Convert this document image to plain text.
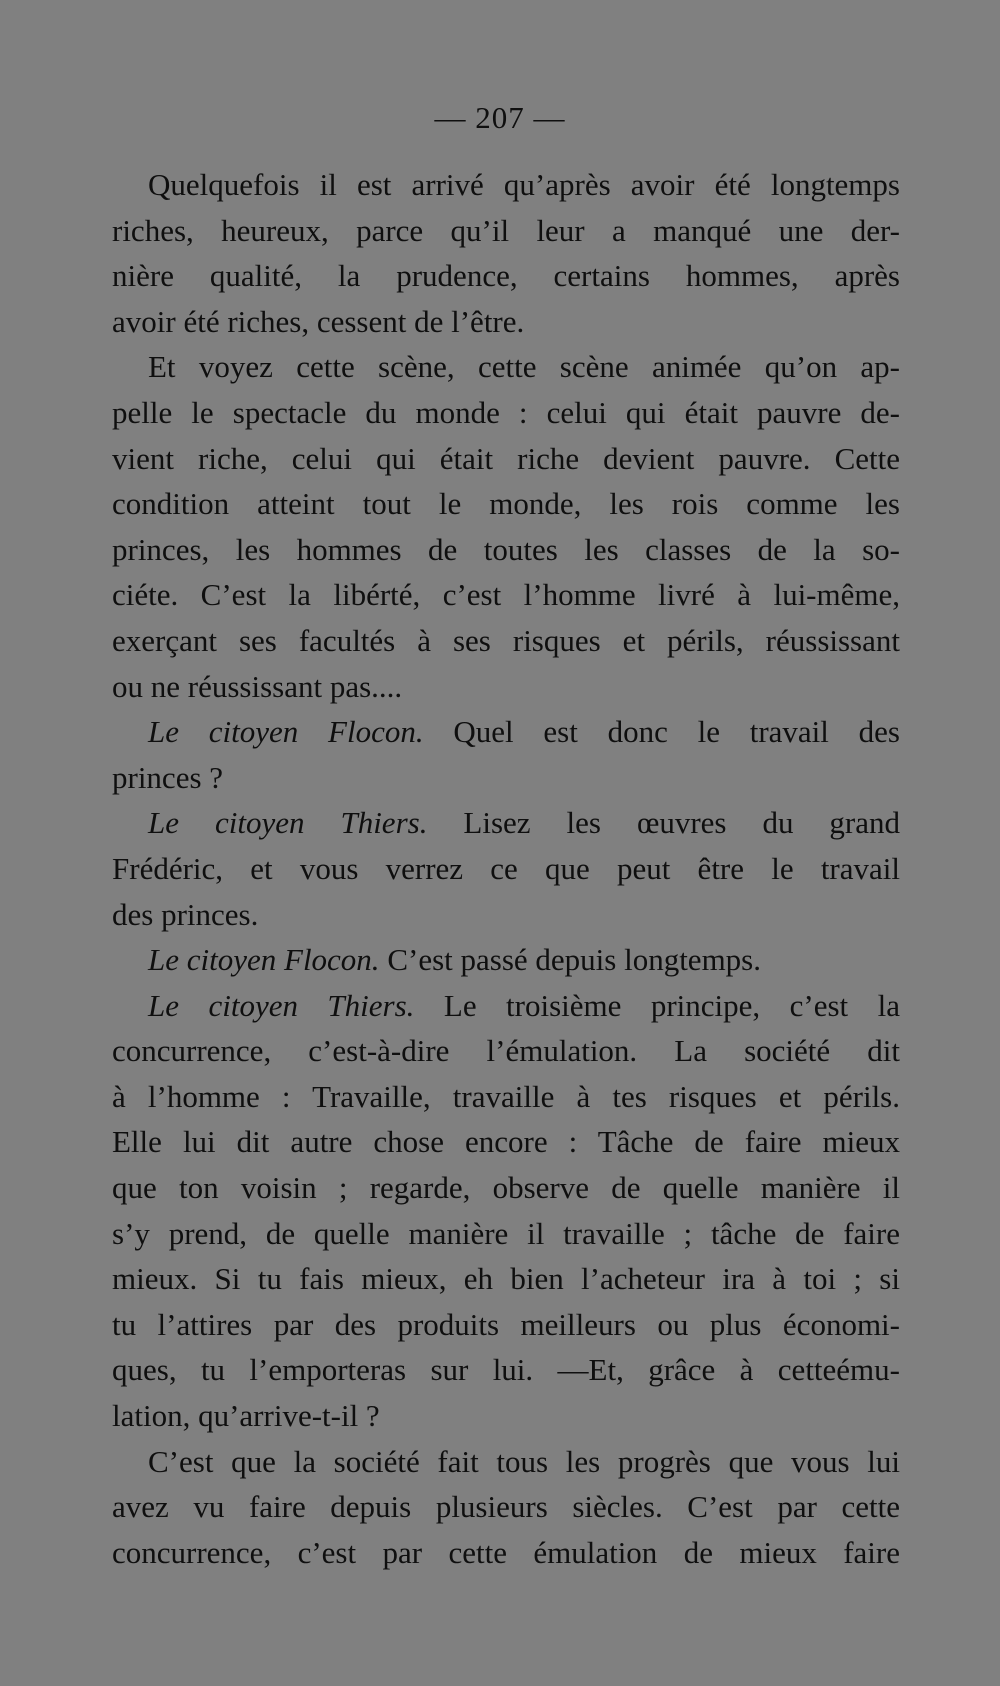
— 207 —
Quelquefois il est arrivé qu’après avoir été longtemps
riches, heureux, parce qu’il leur a manqué une der-
nière qualité, la prudence, certains hommes, après
avoir été riches, cessent de l’être.
Et voyez cette scène, cette scène animée qu’on ap-
pelle le spectacle du monde : celui qui était pauvre de-
vient riche, celui qui était riche devient pauvre. Cette
condition atteint tout le monde, les rois comme les
princes, les hommes de toutes les classes de la so-
ciéte. C’est la libérté, c’est l’homme livré à lui-même,
exerçant ses facultés à ses risques et périls, réussissant
ou ne réussissant pas....
Le citoyen Flocon. Quel est donc le travail des
princes ?
Le citoyen Thiers. Lisez les œuvres du grand
Frédéric, et vous verrez ce que peut être le travail
des princes.
Le citoyen Flocon. C’est passé depuis longtemps.
Le citoyen Thiers. Le troisième principe, c’est la
concurrence, c’est-à-dire l’émulation. La société dit
à l’homme : Travaille, travaille à tes risques et périls.
Elle lui dit autre chose encore : Tâche de faire mieux
que ton voisin ; regarde, observe de quelle manière il
s’y prend, de quelle manière il travaille ; tâche de faire
mieux. Si tu fais mieux, eh bien l’acheteur ira à toi ; si
tu l’attires par des produits meilleurs ou plus économi-
ques, tu l’emporteras sur lui. —Et, grâce à cetteému-
lation, qu’arrive-t-il ?
C’est que la société fait tous les progrès que vous lui
avez vu faire depuis plusieurs siècles. C’est par cette
concurrence, c’est par cette émulation de mieux faire
